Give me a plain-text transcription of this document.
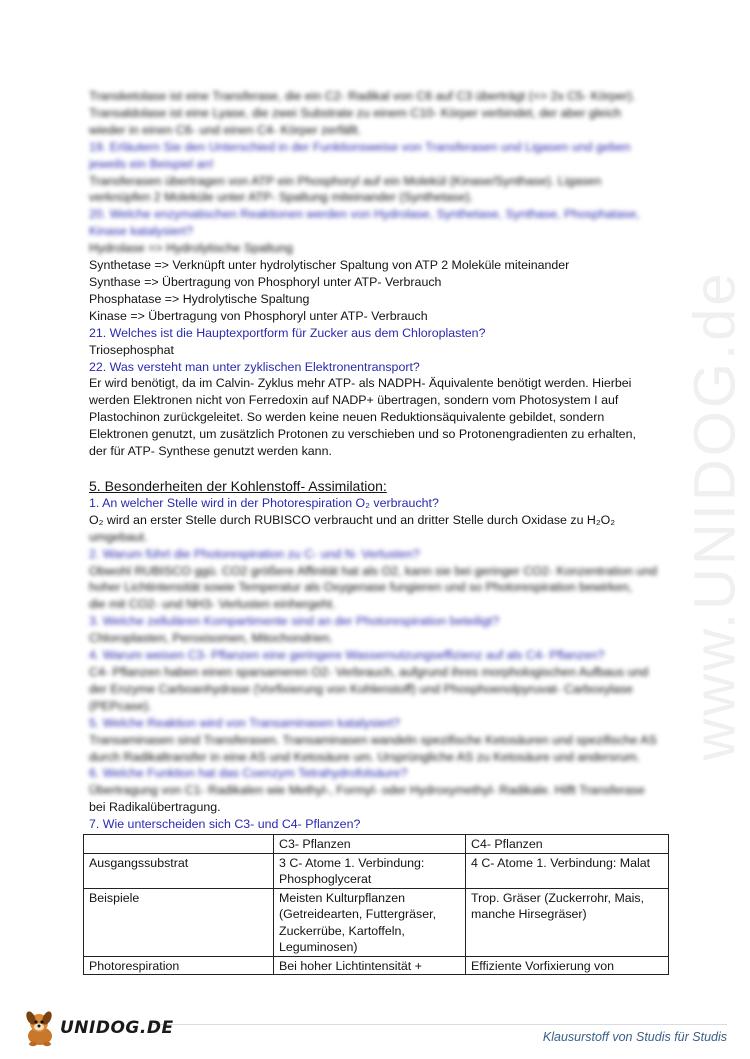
www.UNIDOG.de
Transketolase ist eine Transferase, die ein C2- Radikal von C6 auf C3 überträgt (=> 2x C5- Körper).
Transaldolase ist eine Lyase, die zwei Substrate zu einem C10- Körper verbindet, der aber gleich
wieder in einen C6- und einen C4- Körper zerfällt.
19. Erläutern Sie den Unterschied in der Funktionsweise von Transferasen und Ligasen und geben
jeweils ein Beispiel an!
Transferasen übertragen von ATP ein Phosphoryl auf ein Molekül (Kinase/Synthase). Ligasen
verknüpfen 2 Moleküle unter ATP- Spaltung miteinander (Synthetase).
20. Welche enzymatischen Reaktionen werden von Hydrolase, Synthetase, Synthase, Phosphatase,
Kinase katalysiert?
Hydrolase => Hydrolytische Spaltung
Synthetase => Verknüpft unter hydrolytischer Spaltung von ATP 2 Moleküle miteinander
Synthase => Übertragung von Phosphoryl unter ATP- Verbrauch
Phosphatase => Hydrolytische Spaltung
Kinase => Übertragung von Phosphoryl unter ATP- Verbrauch
21. Welches ist die Hauptexportform für Zucker aus dem Chloroplasten?
Triosephosphat
22. Was versteht man unter zyklischen Elektronentransport?
Er wird benötigt, da im Calvin- Zyklus mehr ATP- als NADPH- Äquivalente benötigt werden. Hierbei
werden Elektronen nicht von Ferredoxin auf NADP+ übertragen, sondern vom Photosystem I auf
Plastochinon zurückgeleitet. So werden keine neuen Reduktionsäquivalente gebildet, sondern
Elektronen genutzt, um zusätzlich Protonen zu verschieben und so Protonengradienten zu erhalten,
der für ATP- Synthese genutzt werden kann.
5. Besonderheiten der Kohlenstoff- Assimilation:
1. An welcher Stelle wird in der Photorespiration O₂ verbraucht?
O₂ wird an erster Stelle durch RUBISCO verbraucht und an dritter Stelle durch Oxidase zu H₂O₂
umgebaut.
2. Warum führt die Photorespiration zu C- und N- Verlusten?
Obwohl RUBISCO ggü. CO2 größere Affinität hat als O2, kann sie bei geringer CO2- Konzentration und
hoher Lichtintensität sowie Temperatur als Oxygenase fungieren und so Photorespiration bewirken,
die mit CO2- und NH3- Verlusten einhergeht.
3. Welche zellulären Kompartimente sind an der Photorespiration beteiligt?
Chloroplasten, Peroxisomen, Mitochondrien.
4. Warum weisen C3- Pflanzen eine geringere Wassernutzungseffizienz auf als C4- Pflanzen?
C4- Pflanzen haben einen sparsameren O2- Verbrauch, aufgrund ihres morphologischen Aufbaus und
der Enzyme Carboanhydrase (Vorfixierung von Kohlenstoff) und Phosphoenolpyruvat- Carboxylase
(PEPcase).
5. Welche Reaktion wird von Transaminasen katalysiert?
Transaminasen sind Transferasen. Transaminasen wandeln spezifische Ketosäuren und spezifische AS
durch Radikaltransfer in eine AS und Ketosäure um. Ursprüngliche AS zu Ketosäure und andersrum.
6. Welche Funktion hat das Coenzym Tetrahydrofolsäure?
Übertragung von C1- Radikalen wie Methyl-, Formyl- oder Hydroxymethyl- Radikale. Hilft Transferase
bei Radikalübertragung.
7. Wie unterscheiden sich C3- und C4- Pflanzen?
	C3- Pflanzen	C4- Pflanzen
Ausgangssubstrat	3 C- Atome 1. Verbindung: Phosphoglycerat	4 C- Atome 1. Verbindung: Malat
Beispiele	Meisten Kulturpflanzen (Getreidearten, Futtergräser, Zuckerrübe, Kartoffeln, Leguminosen)	Trop. Gräser (Zuckerrohr, Mais, manche Hirsegräser)
Photorespiration	Bei hoher Lichtintensität +	Effiziente Vorfixierung von
UNIDOG.DE	Klausurstoff von Studis für Studis
